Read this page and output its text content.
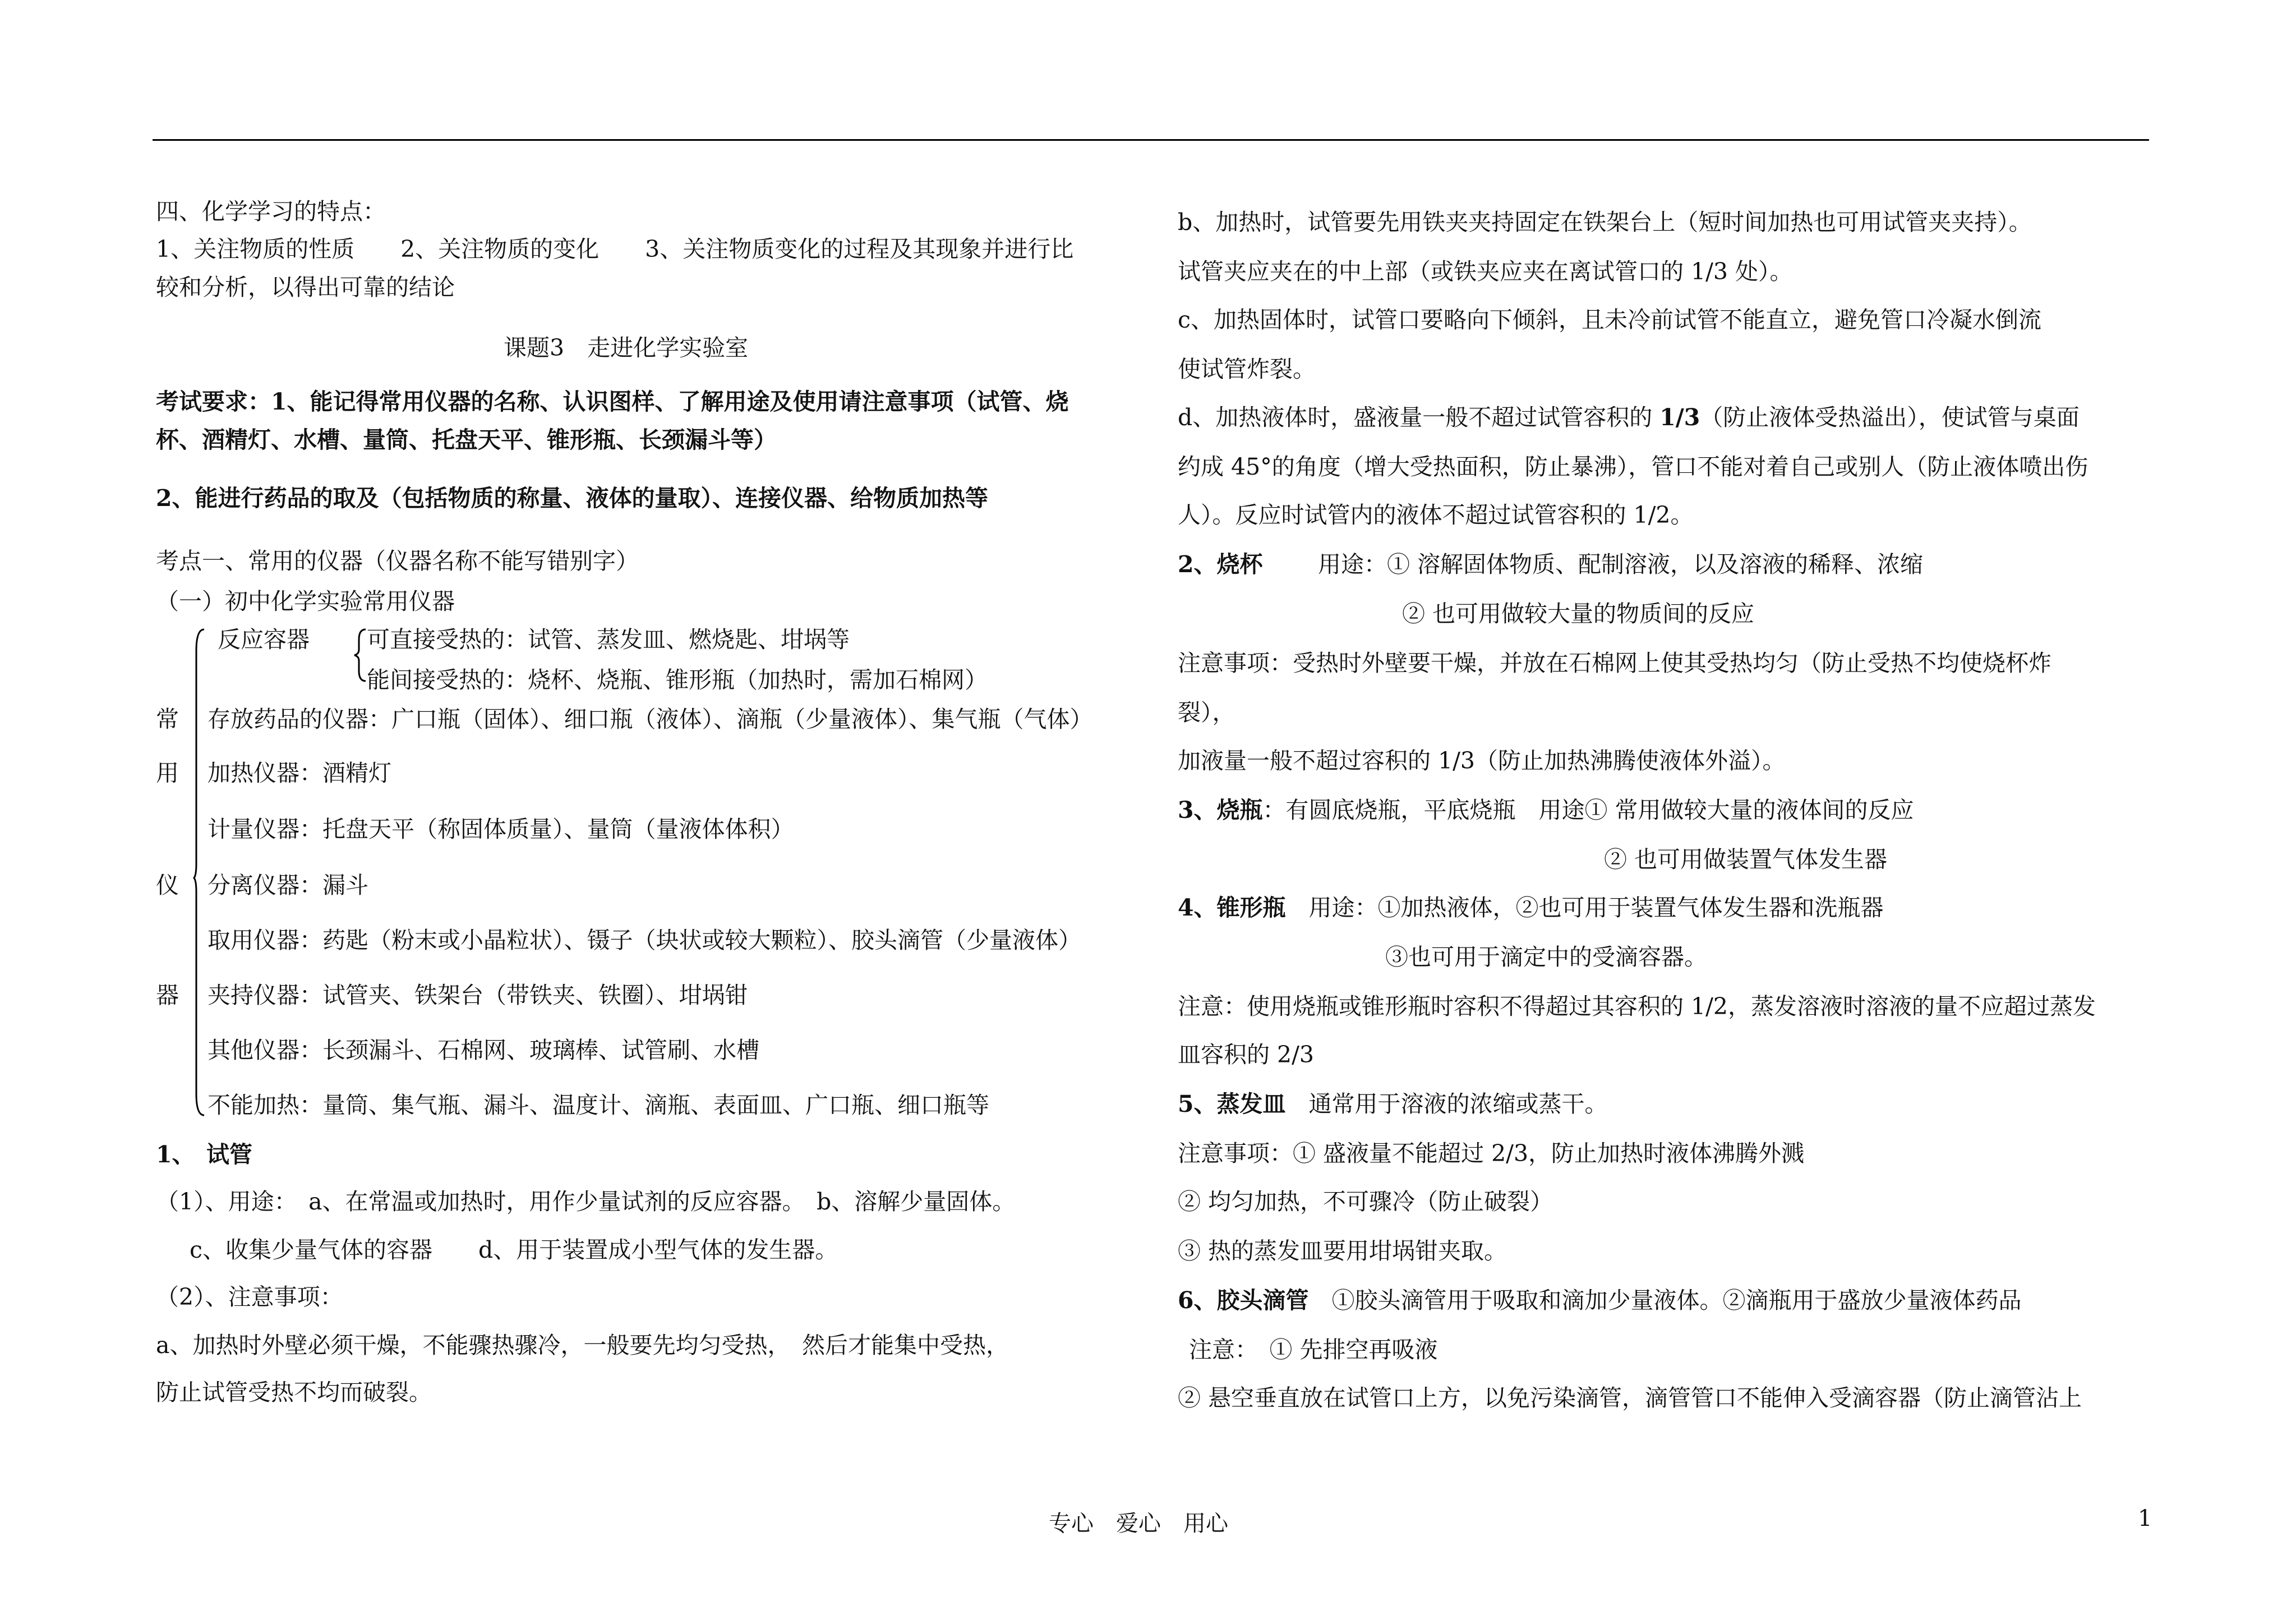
四、化学学习的特点：
1、关注物质的性质　　2、关注物质的变化　　3、关注物质变化的过程及其现象并进行比
较和分析，以得出可靠的结论
课题3　走进化学实验室
考试要求：1、能记得常用仪器的名称、认识图样、了解用途及使用请注意事项（试管、烧
杯、酒精灯、水槽、量筒、托盘天平、锥形瓶、长颈漏斗等）
2、能进行药品的取及（包括物质的称量、液体的量取）、连接仪器、给物质加热等
考点一、常用的仪器（仪器名称不能写错别字）
（一）初中化学实验常用仪器
反应容器 可直接受热的：试管、蒸发皿、燃烧匙、坩埚等
能间接受热的：烧杯、烧瓶、锥形瓶（加热时，需加石棉网）
常
用
仪
器
存放药品的仪器：广口瓶（固体）、细口瓶（液体）、滴瓶（少量液体）、集气瓶（气体）
加热仪器：酒精灯
计量仪器：托盘天平（称固体质量）、量筒（量液体体积）
分离仪器：漏斗
取用仪器：药匙（粉末或小晶粒状）、镊子（块状或较大颗粒）、胶头滴管（少量液体）
夹持仪器：试管夹、铁架台（带铁夹、铁圈）、坩埚钳
其他仪器：长颈漏斗、石棉网、玻璃棒、试管刷、水槽
不能加热：量筒、集气瓶、漏斗、温度计、滴瓶、表面皿、广口瓶、细口瓶等
1、　试管
（1）、用途：　a、在常温或加热时，用作少量试剂的反应容器。　b、溶解少量固体。
c、收集少量气体的容器　　d、用于装置成小型气体的发生器。
（2）、注意事项：
a、加热时外壁必须干燥，不能骤热骤冷，一般要先均匀受热，　然后才能集中受热，
防止试管受热不均而破裂。
b、加热时，试管要先用铁夹夹持固定在铁架台上（短时间加热也可用试管夹夹持）。
试管夹应夹在的中上部（或铁夹应夹在离试管口的 1/3 处）。
c、加热固体时，试管口要略向下倾斜，且未冷前试管不能直立，避免管口冷凝水倒流
使试管炸裂。
d、加热液体时，盛液量一般不超过试管容积的 1/3（防止液体受热溢出），使试管与桌面
约成 45°的角度（增大受热面积，防止暴沸），管口不能对着自己或别人（防止液体喷出伤
人）。反应时试管内的液体不超过试管容积的 1/2。
2、烧杯 用途：① 溶解固体物质、配制溶液，以及溶液的稀释、浓缩
② 也可用做较大量的物质间的反应
注意事项：受热时外壁要干燥，并放在石棉网上使其受热均匀（防止受热不均使烧杯炸
裂），
加液量一般不超过容积的 1/3（防止加热沸腾使液体外溢）。
3、烧瓶：有圆底烧瓶，平底烧瓶　用途① 常用做较大量的液体间的反应
② 也可用做装置气体发生器
4、锥形瓶　用途：①加热液体，②也可用于装置气体发生器和洗瓶器
③也可用于滴定中的受滴容器。
注意：使用烧瓶或锥形瓶时容积不得超过其容积的 1/2，蒸发溶液时溶液的量不应超过蒸发
皿容积的 2/3
5、蒸发皿　通常用于溶液的浓缩或蒸干。
注意事项：① 盛液量不能超过 2/3，防止加热时液体沸腾外溅
② 均匀加热，不可骤冷（防止破裂）
③ 热的蒸发皿要用坩埚钳夹取。
6、胶头滴管　①胶头滴管用于吸取和滴加少量液体。②滴瓶用于盛放少量液体药品
注意：　① 先排空再吸液
② 悬空垂直放在试管口上方，以免污染滴管，滴管管口不能伸入受滴容器（防止滴管沾上
专心　爱心　用心	1
